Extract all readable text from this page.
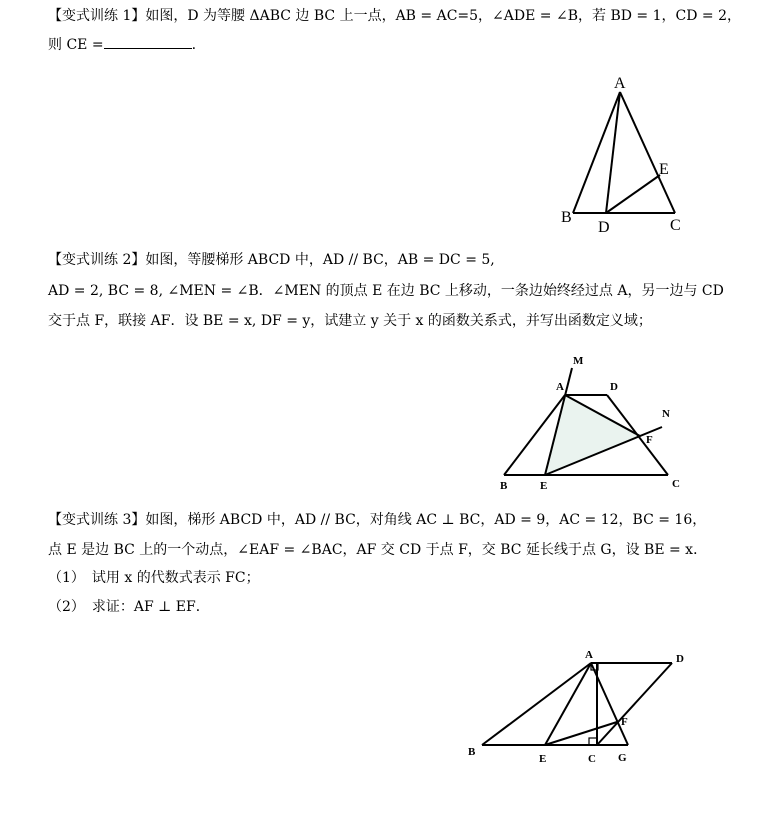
【变式训练 1】如图，D 为等腰 ΔABC 边 BC 上一点，AB = AC=5，∠ADE = ∠B，若 BD = 1，CD = 2，
则 CE =	.
A
B
D	C
E
【变式训练 2】如图，等腰梯形 ABCD 中，AD // BC，AB = DC = 5,
AD = 2, BC = 8, ∠MEN = ∠B．∠MEN 的顶点 E 在边 BC 上移动，一条边始终经过点 A，另一边与 CD
交于点 F，联接 AF．设 BE = x, DF = y，试建立 y 关于 x 的函数关系式，并写出函数定义域；
M
A	D
N
F
B	E	C
【变式训练 3】如图，梯形 ABCD 中，AD // BC，对角线 AC ⊥ BC，AD = 9，AC = 12，BC = 16，
点 E 是边 BC 上的一个动点，∠EAF = ∠BAC，AF 交 CD 于点 F，交 BC 延长线于点 G，设 BE = x．
（1）　试用 x 的代数式表示 FC；
（2）　求证：AF ⊥ EF．
A	D
F
B
E	C G
